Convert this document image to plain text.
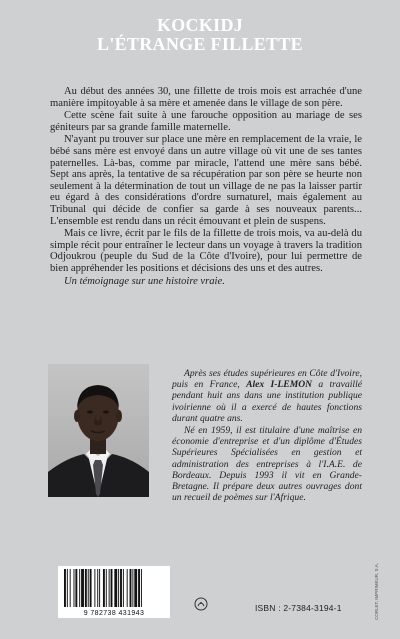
KOCKIDJ
L'ÉTRANGE FILLETTE

Au début des années 30, une fillette de trois mois est arrachée d'une manière impitoyable à sa mère et amenée dans le village de son père.

Cette scène fait suite à une farouche opposition au mariage de ses géniteurs par sa grande famille maternelle.

N'ayant pu trouver sur place une mère en remplacement de la vraie, le bébé sans mère est envoyé dans un autre village où vit une de ses tantes paternelles. Là-bas, comme par miracle, l'attend une mère sans bébé. Sept ans après, la tentative de sa récupération par son père se heurte non seulement à la détermination de tout un village de ne pas la laisser partir eu égard à des considérations d'ordre surnaturel, mais également au Tribunal qui décide de confier sa garde à ses nouveaux parents... L'ensemble est rendu dans un récit émouvant et plein de suspens.

Mais ce livre, écrit par le fils de la fillette de trois mois, va au-delà du simple récit pour entraîner le lecteur dans un voyage à travers la tradition Odjoukrou (peuple du Sud de la Côte d'Ivoire), pour lui permettre de bien appréhender les positions et décisions des uns et des autres.

Un témoignage sur une histoire vraie.

Après ses études supérieures en Côte d'Ivoire, puis en France, Alex I-LEMON a travaillé pendant huit ans dans une institution publique ivoirienne où il a exercé de hautes fonctions durant quatre ans.

Né en 1959, il est titulaire d'une maîtrise en économie d'entreprise et d'un diplôme d'Études Supérieures Spécialisées en gestion et administration des entreprises à l'I.A.E. de Bordeaux. Depuis 1993 il vit en Grande-Bretagne. Il prépare deux autres ouvrages dont un recueil de poèmes sur l'Afrique.

9 782738 431943
ISBN : 2-7384-3194-1	CORLET, IMPRIMEUR, S.A.
